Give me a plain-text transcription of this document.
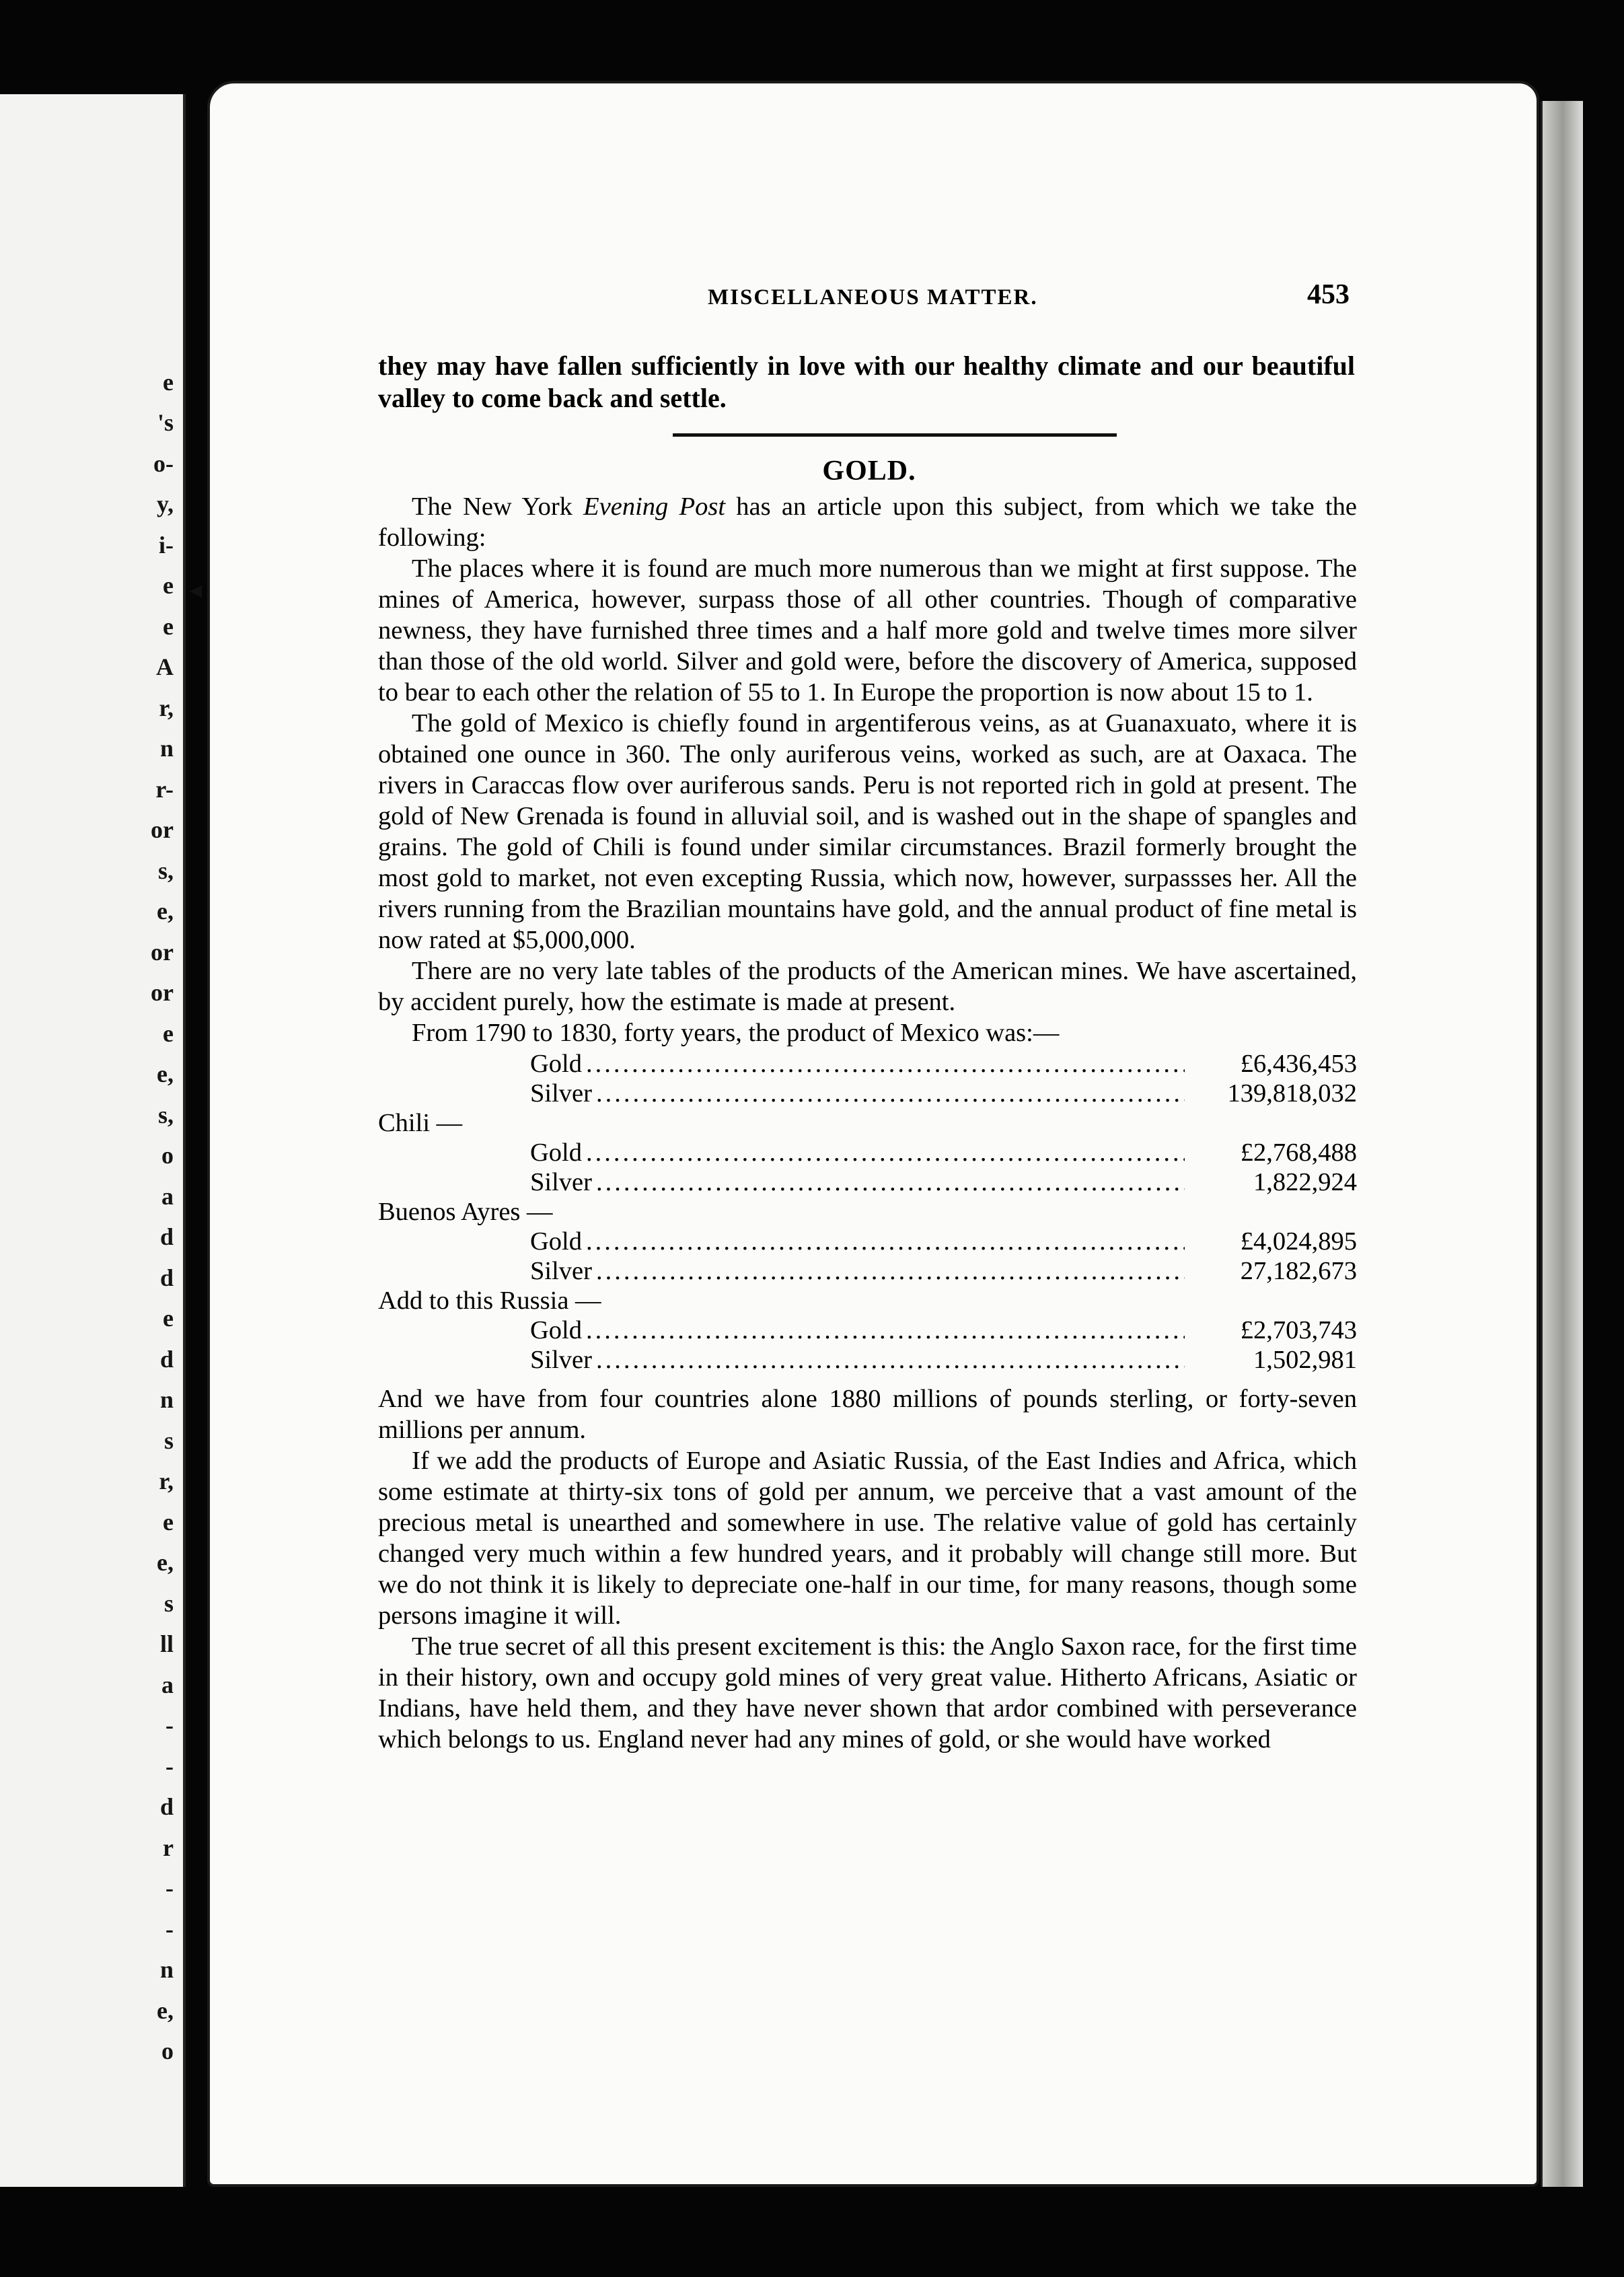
e
's
o-
y,
i-
e
e
A
r,
n
r-
or
s,
e,
or
or
e
e,
s,
o
a
d
d
e
d
n
s
r,
e
e,
s
ll
a
-
-
d
r
-
-
n
e,
o
MISCELLANEOUS MATTER.	453

they may have fallen sufficiently in love with our healthy climate and our beautiful valley to come back and settle.

GOLD.

The New York Evening Post has an article upon this subject, from which we take the following:

The places where it is found are much more numerous than we might at first suppose. The mines of America, however, surpass those of all other countries. Though of comparative newness, they have furnished three times and a half more gold and twelve times more silver than those of the old world. Silver and gold were, before the discovery of America, supposed to bear to each other the relation of 55 to 1. In Europe the proportion is now about 15 to 1.

The gold of Mexico is chiefly found in argentiferous veins, as at Guanaxuato, where it is obtained one ounce in 360. The only auriferous veins, worked as such, are at Oaxaca. The rivers in Caraccas flow over auriferous sands. Peru is not reported rich in gold at present. The gold of New Grenada is found in alluvial soil, and is washed out in the shape of spangles and grains. The gold of Chili is found under similar circumstances. Brazil formerly brought the most gold to market, not even excepting Russia, which now, however, surpassses her. All the rivers running from the Brazilian mountains have gold, and the annual product of fine metal is now rated at $5,000,000.

There are no very late tables of the products of the American mines. We have ascertained, by accident purely, how the estimate is made at present.

From 1790 to 1830, forty years, the product of Mexico was:—

Gold .....	£6,436,453
Silver .....	139,818,032
Chili —
Gold .....	£2,768,488
Silver .....	1,822,924
Buenos Ayres —
Gold .....	£4,024,895
Silver .....	27,182,673
Add to this Russia —
Gold .....	£2,703,743
Silver .....	1,502,981

And we have from four countries alone 1880 millions of pounds sterling, or forty-seven millions per annum.

If we add the products of Europe and Asiatic Russia, of the East Indies and Africa, which some estimate at thirty-six tons of gold per annum, we perceive that a vast amount of the precious metal is unearthed and somewhere in use. The relative value of gold has certainly changed very much within a few hundred years, and it probably will change still more. But we do not think it is likely to depreciate one-half in our time, for many reasons, though some persons imagine it will.

The true secret of all this present excitement is this: the Anglo Saxon race, for the first time in their history, own and occupy gold mines of very great value. Hitherto Africans, Asiatic or Indians, have held them, and they have never shown that ardor combined with perseverance which belongs to us. England never had any mines of gold, or she would have worked
